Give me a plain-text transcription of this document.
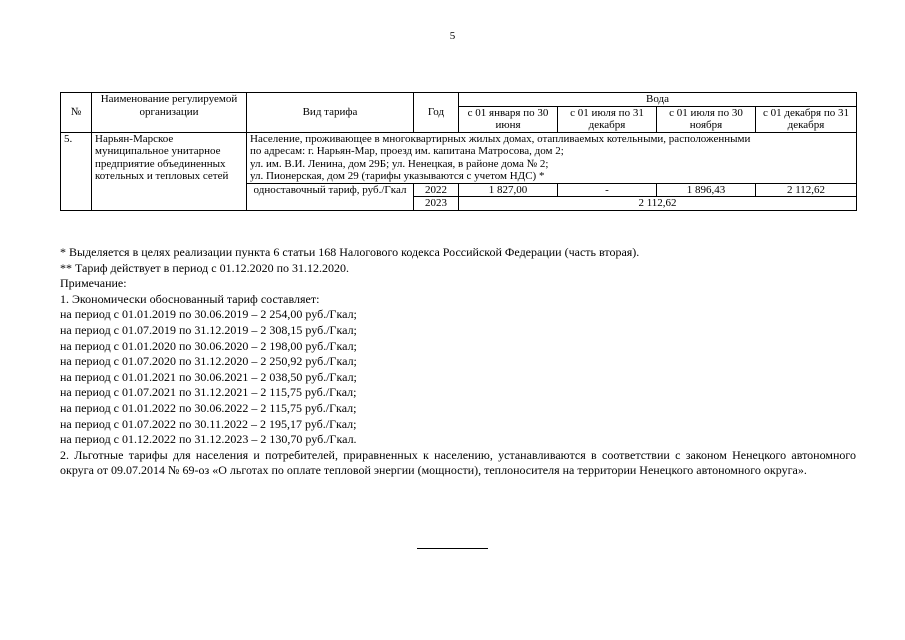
5
№	Наименование регулируемой организации	Вид тарифа	Год	Вода			
				с 01 января по 30 июня	с 01 июля по 31 декабря	с 01 июля по 30 ноября	с 01 декабря по 31 декабря

5.	Нарьян-Марское муниципальное унитарное предприятие объединенных котельных и тепловых сетей	Население, проживающее в многоквартирных жилых домах, отапливаемых котельными, расположенными
по адресам: г. Нарьян-Мар, проезд им. капитана Матросова, дом 2;
ул. им. В.И. Ленина, дом 29Б; ул. Ненецкая, в районе дома № 2;
ул. Пионерская, дом 29 (тарифы указываются с учетом НДС) *					

		одноставочный тариф, руб./Гкал	2022	1 827,00	-	1 896,43	2 112,62
			2023	2 112,62			

* Выделяется в целях реализации пункта 6 статьи 168 Налогового кодекса Российской Федерации (часть вторая).

** Тариф действует в период с 01.12.2020 по 31.12.2020.

Примечание:

1. Экономически обоснованный тариф составляет:

на период с 01.01.2019 по 30.06.2019 – 2 254,00 руб./Гкал;

на период с 01.07.2019 по 31.12.2019 – 2 308,15 руб./Гкал;

на период с 01.01.2020 по 30.06.2020 – 2 198,00 руб./Гкал;

на период с 01.07.2020 по 31.12.2020 – 2 250,92 руб./Гкал;

на период с 01.01.2021 по 30.06.2021 – 2 038,50 руб./Гкал;

на период с 01.07.2021 по 31.12.2021 – 2 115,75 руб./Гкал;

на период с 01.01.2022 по 30.06.2022 – 2 115,75 руб./Гкал;

на период с 01.07.2022 по 30.11.2022 – 2 195,17 руб./Гкал;

на период с 01.12.2022 по 31.12.2023 – 2 130,70 руб./Гкал.

2. Льготные тарифы для населения и потребителей, приравненных к населению, устанавливаются в соответствии с законом Ненецкого автономного округа от 09.07.2014 № 69-оз «О льготах по оплате тепловой энергии (мощности), теплоносителя на территории Ненецкого автономного округа».
